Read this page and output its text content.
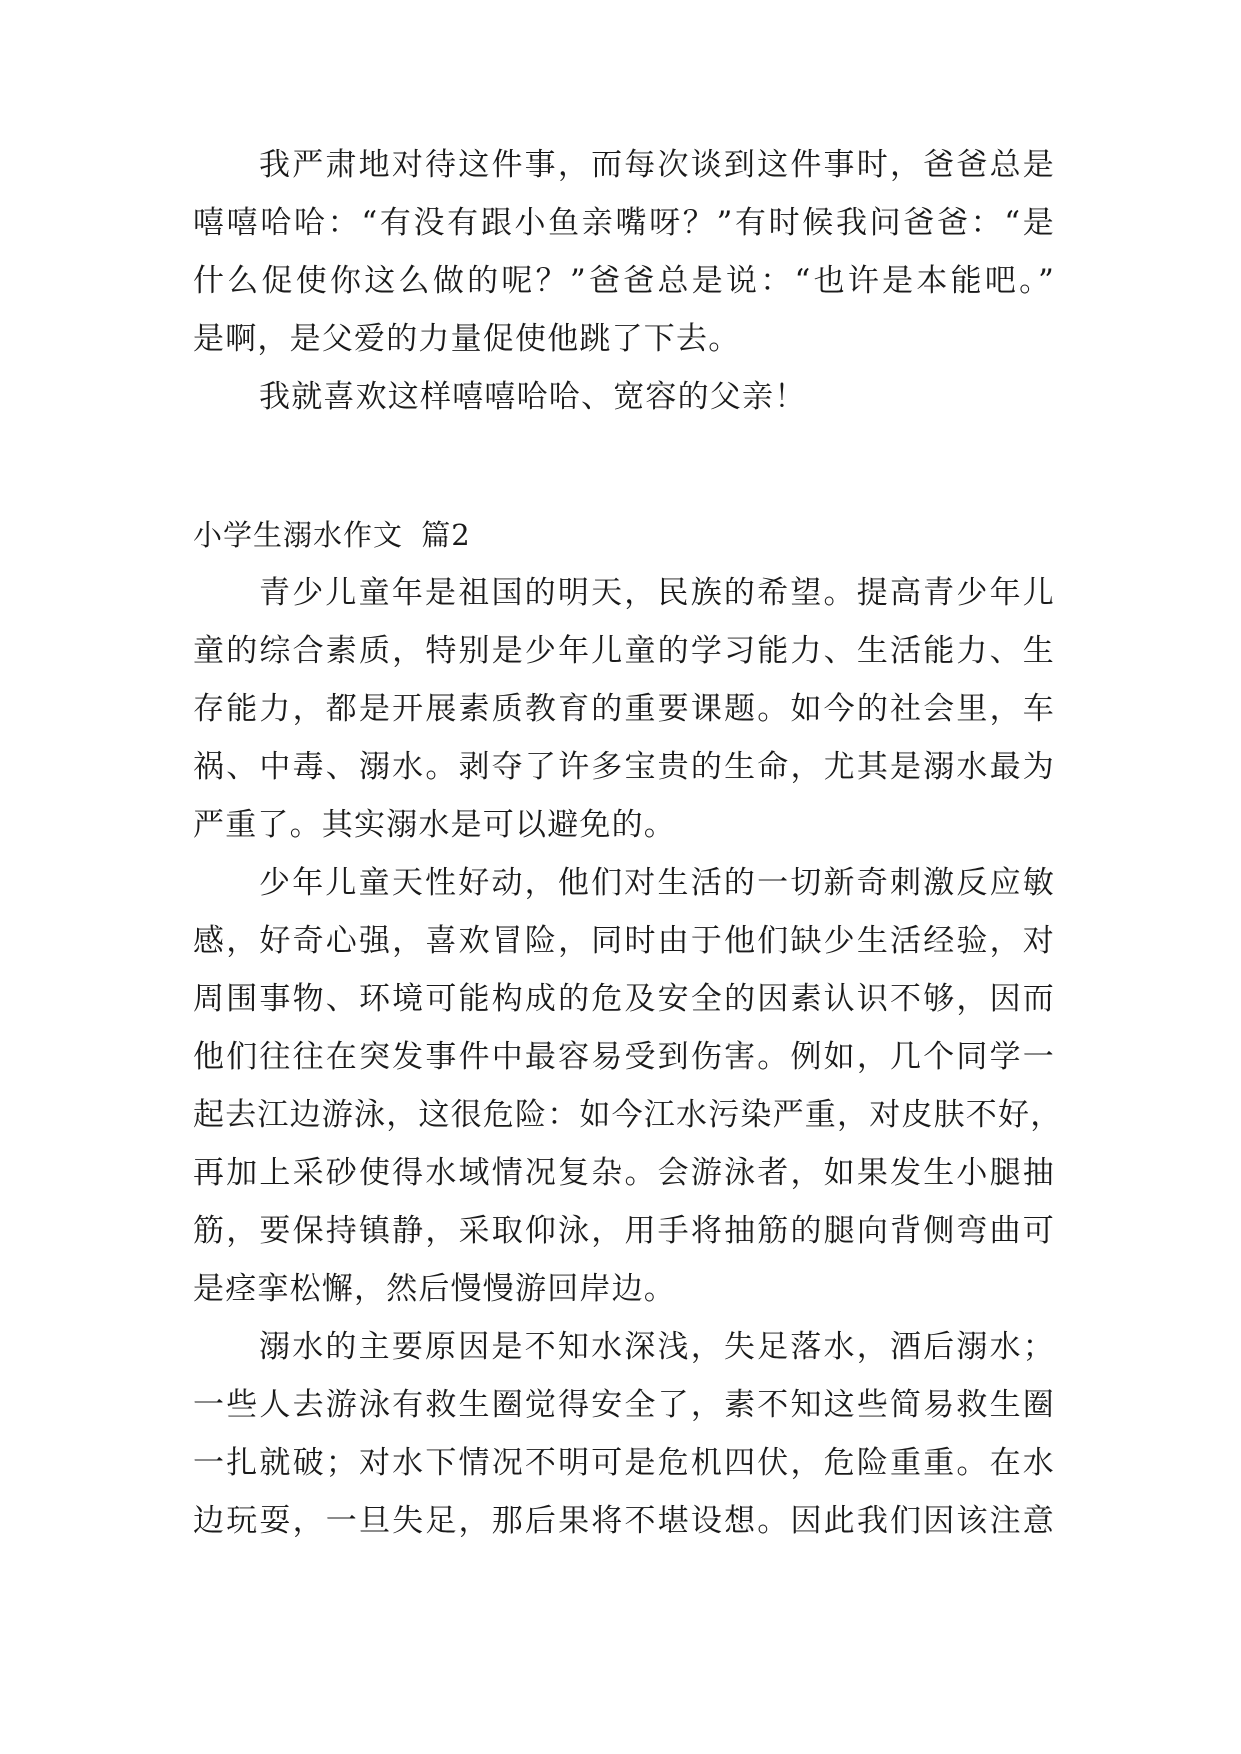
我严肃地对待这件事，而每次谈到这件事时，爸爸总是
嘻嘻哈哈：“有没有跟小鱼亲嘴呀？”有时候我问爸爸：“是
什么促使你这么做的呢？”爸爸总是说：“也许是本能吧。”
是啊，是父爱的力量促使他跳了下去。
我就喜欢这样嘻嘻哈哈、宽容的父亲！
小学生溺水作文 篇2
青少儿童年是祖国的明天，民族的希望。提高青少年儿
童的综合素质，特别是少年儿童的学习能力、生活能力、生
存能力，都是开展素质教育的重要课题。如今的社会里，车
祸、中毒、溺水。剥夺了许多宝贵的生命，尤其是溺水最为
严重了。其实溺水是可以避免的。
少年儿童天性好动，他们对生活的一切新奇刺激反应敏
感，好奇心强，喜欢冒险，同时由于他们缺少生活经验，对
周围事物、环境可能构成的危及安全的因素认识不够，因而
他们往往在突发事件中最容易受到伤害。例如，几个同学一
起去江边游泳，这很危险：如今江水污染严重，对皮肤不好，
再加上采砂使得水域情况复杂。会游泳者，如果发生小腿抽
筋，要保持镇静，采取仰泳，用手将抽筋的腿向背侧弯曲可
是痉挛松懈，然后慢慢游回岸边。
溺水的主要原因是不知水深浅，失足落水，酒后溺水；
一些人去游泳有救生圈觉得安全了，素不知这些简易救生圈
一扎就破；对水下情况不明可是危机四伏，危险重重。在水
边玩耍，一旦失足，那后果将不堪设想。因此我们因该注意
